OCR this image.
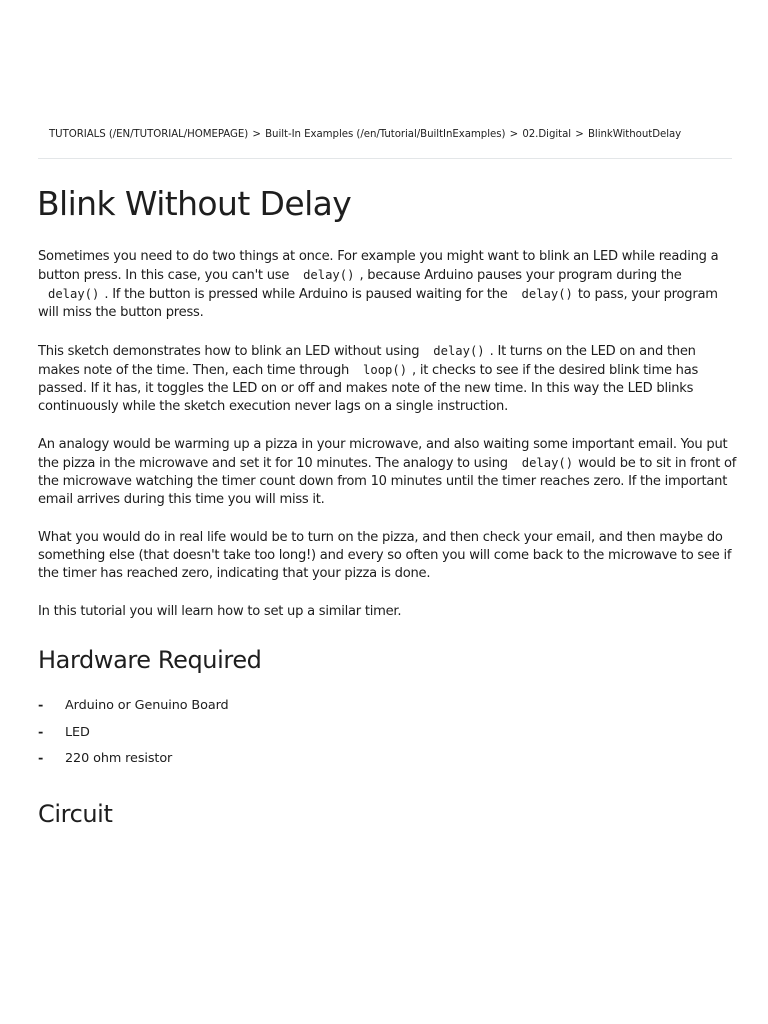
TUTORIALS (/EN/TUTORIAL/HOMEPAGE) > Built-In Examples (/en/Tutorial/BuiltInExamples) > 02.Digital > BlinkWithoutDelay
Blink Without Delay

Sometimes you need to do two things at once. For example you might want to blink an LED while reading a button press. In this case, you can't use delay() , because Arduino pauses your program during the delay() . If the button is pressed while Arduino is paused waiting for the delay() to pass, your program will miss the button press.

This sketch demonstrates how to blink an LED without using delay() . It turns on the LED on and then makes note of the time. Then, each time through loop() , it checks to see if the desired blink time has passed. If it has, it toggles the LED on or off and makes note of the new time. In this way the LED blinks continuously while the sketch execution never lags on a single instruction.

An analogy would be warming up a pizza in your microwave, and also waiting some important email. You put the pizza in the microwave and set it for 10 minutes. The analogy to using delay() would be to sit in front of the microwave watching the timer count down from 10 minutes until the timer reaches zero. If the important email arrives during this time you will miss it.

What you would do in real life would be to turn on the pizza, and then check your email, and then maybe do something else (that doesn't take too long!) and every so often you will come back to the microwave to see if the timer has reached zero, indicating that your pizza is done.

In this tutorial you will learn how to set up a similar timer.

Hardware Required
- Arduino or Genuino Board
- LED
- 220 ohm resistor
Circuit
